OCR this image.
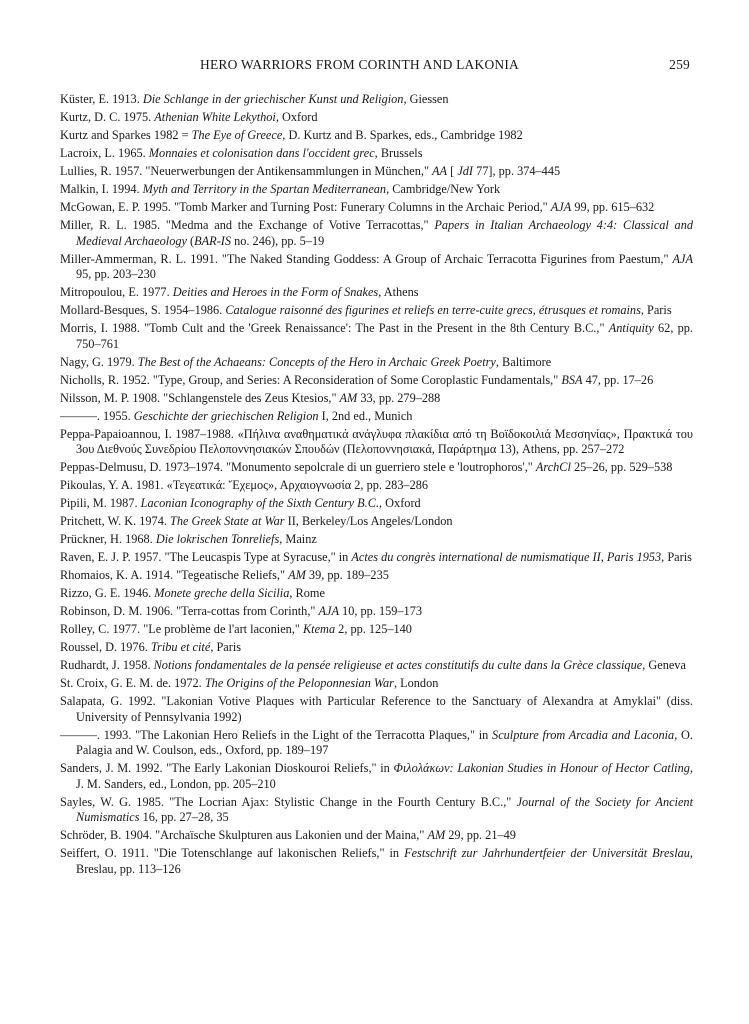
HERO WARRIORS FROM CORINTH AND LAKONIA	259

Küster, E. 1913. Die Schlange in der griechischer Kunst und Religion, Giessen

Kurtz, D. C. 1975. Athenian White Lekythoi, Oxford

Kurtz and Sparkes 1982 = The Eye of Greece, D. Kurtz and B. Sparkes, eds., Cambridge 1982

Lacroix, L. 1965. Monnaies et colonisation dans l'occident grec, Brussels

Lullies, R. 1957. "Neuerwerbungen der Antikensammlungen in München," AA [ JdI 77], pp. 374–445

Malkin, I. 1994. Myth and Territory in the Spartan Mediterranean, Cambridge/New York

McGowan, E. P. 1995. "Tomb Marker and Turning Post: Funerary Columns in the Archaic Period," AJA 99, pp. 615–632

Miller, R. L. 1985. "Medma and the Exchange of Votive Terracottas," Papers in Italian Archaeology 4:4: Classical and Medieval Archaeology (BAR-IS no. 246), pp. 5–19

Miller-Ammerman, R. L. 1991. "The Naked Standing Goddess: A Group of Archaic Terracotta Figurines from Paestum," AJA 95, pp. 203–230

Mitropoulou, E. 1977. Deities and Heroes in the Form of Snakes, Athens

Mollard-Besques, S. 1954–1986. Catalogue raisonné des figurines et reliefs en terre-cuite grecs, étrusques et romains, Paris

Morris, I. 1988. "Tomb Cult and the 'Greek Renaissance': The Past in the Present in the 8th Century B.C.," Antiquity 62, pp. 750–761

Nagy, G. 1979. The Best of the Achaeans: Concepts of the Hero in Archaic Greek Poetry, Baltimore

Nicholls, R. 1952. "Type, Group, and Series: A Reconsideration of Some Coroplastic Fundamentals," BSA 47, pp. 17–26

Nilsson, M. P. 1908. "Schlangenstele des Zeus Ktesios," AM 33, pp. 279–288

———. 1955. Geschichte der griechischen Religion I, 2nd ed., Munich

Peppa-Papaioannou, I. 1987–1988. «Πήλινα αναθηματικά ανάγλυφα πλακίδια από τη Βοϊδοκοιλιά Μεσσηνίας», Πρακτικά του 3ου Διεθνούς Συνεδρίου Πελοποννησιακών Σπουδών (Πελοποννησιακά, Παράρτημα 13), Athens, pp. 257–272

Peppas-Delmusu, D. 1973–1974. "Monumento sepolcrale di un guerriero stele e 'loutrophoros'," ArchCl 25–26, pp. 529–538

Pikoulas, Y. A. 1981. «Τεγεατικά: Ἔχεμος», Αρχαιογνωσία 2, pp. 283–286

Pipili, M. 1987. Laconian Iconography of the Sixth Century B.C., Oxford

Pritchett, W. K. 1974. The Greek State at War II, Berkeley/Los Angeles/London

Prückner, H. 1968. Die lokrischen Tonreliefs, Mainz

Raven, E. J. P. 1957. "The Leucaspis Type at Syracuse," in Actes du congrès international de numismatique II, Paris 1953, Paris

Rhomaios, K. A. 1914. "Tegeatische Reliefs," AM 39, pp. 189–235

Rizzo, G. E. 1946. Monete greche della Sicilia, Rome

Robinson, D. M. 1906. "Terra-cottas from Corinth," AJA 10, pp. 159–173

Rolley, C. 1977. "Le problème de l'art laconien," Ktema 2, pp. 125–140

Roussel, D. 1976. Tribu et cité, Paris

Rudhardt, J. 1958. Notions fondamentales de la pensée religieuse et actes constitutifs du culte dans la Grèce classique, Geneva

St. Croix, G. E. M. de. 1972. The Origins of the Peloponnesian War, London

Salapata, G. 1992. "Lakonian Votive Plaques with Particular Reference to the Sanctuary of Alexandra at Amyklai" (diss. University of Pennsylvania 1992)

———. 1993. "The Lakonian Hero Reliefs in the Light of the Terracotta Plaques," in Sculpture from Arcadia and Laconia, O. Palagia and W. Coulson, eds., Oxford, pp. 189–197

Sanders, J. M. 1992. "The Early Lakonian Dioskouroi Reliefs," in Φιλολάκων: Lakonian Studies in Honour of Hector Catling, J. M. Sanders, ed., London, pp. 205–210

Sayles, W. G. 1985. "The Locrian Ajax: Stylistic Change in the Fourth Century B.C.," Journal of the Society for Ancient Numismatics 16, pp. 27–28, 35

Schröder, B. 1904. "Archaïsche Skulpturen aus Lakonien und der Maina," AM 29, pp. 21–49

Seiffert, O. 1911. "Die Totenschlange auf lakonischen Reliefs," in Festschrift zur Jahrhundertfeier der Universität Breslau, Breslau, pp. 113–126
